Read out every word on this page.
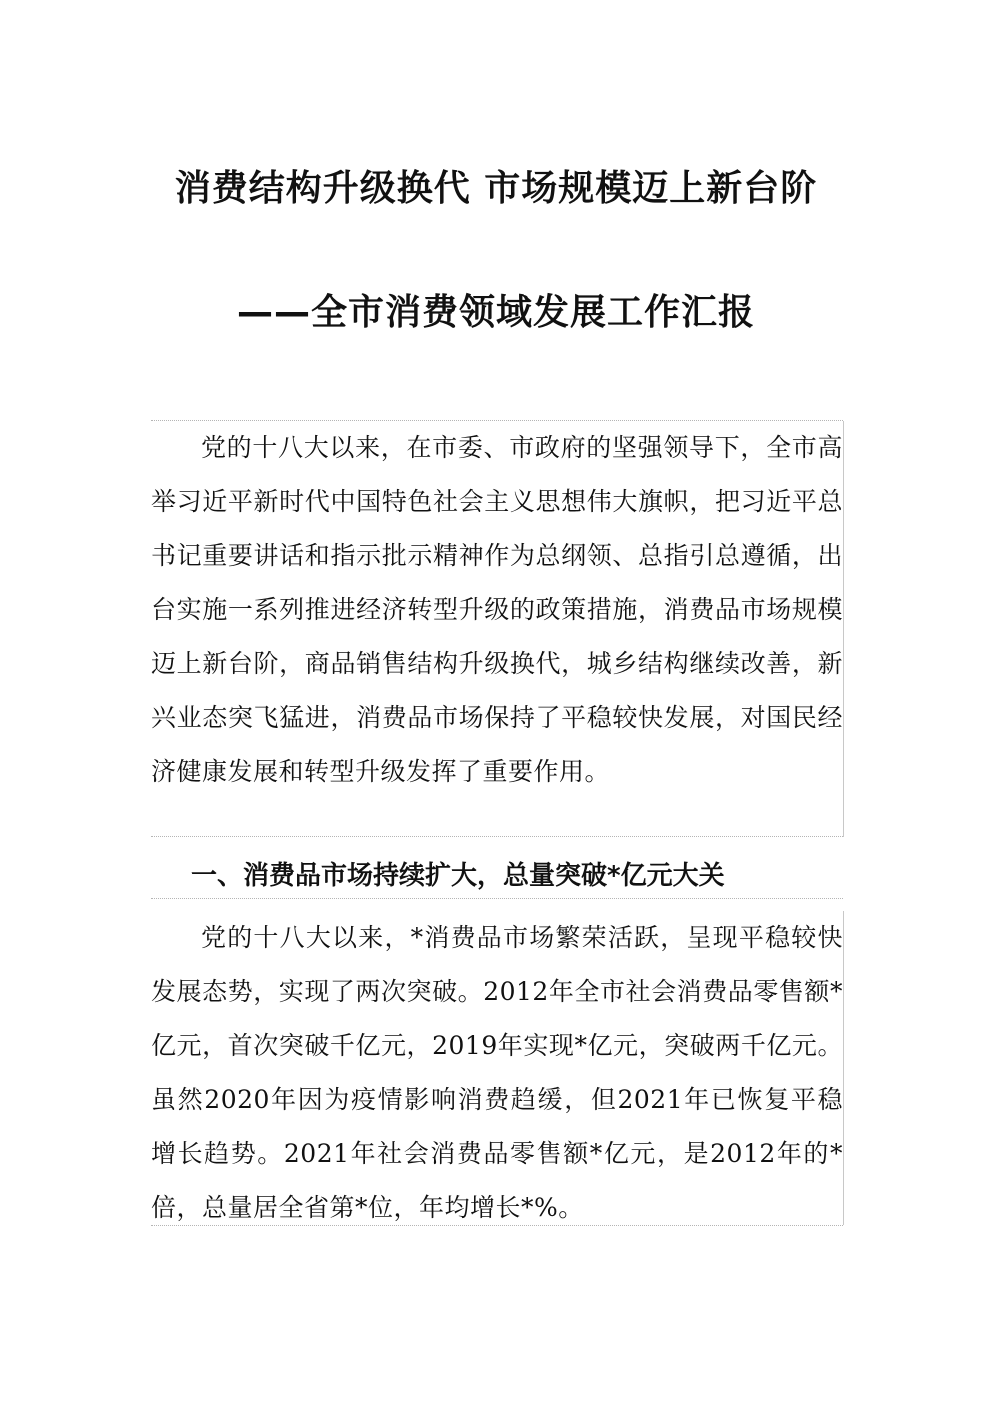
消费结构升级换代 市场规模迈上新台阶
——全市消费领域发展工作汇报

党的十八大以来，在市委、市政府的坚强领导下，全市高举习近平新时代中国特色社会主义思想伟大旗帜，把习近平总书记重要讲话和指示批示精神作为总纲领、总指引总遵循，出台实施一系列推进经济转型升级的政策措施，消费品市场规模迈上新台阶，商品销售结构升级换代，城乡结构继续改善，新兴业态突飞猛进，消费品市场保持了平稳较快发展，对国民经济健康发展和转型升级发挥了重要作用。

一、消费品市场持续扩大，总量突破*亿元大关

党的十八大以来，*消费品市场繁荣活跃，呈现平稳较快发展态势，实现了两次突破。2012年全市社会消费品零售额*亿元，首次突破千亿元，2019年实现*亿元，突破两千亿元。虽然2020年因为疫情影响消费趋缓，但2021年已恢复平稳增长趋势。2021年社会消费品零售额*亿元，是2012年的*倍，总量居全省第*位，年均增长*%。
